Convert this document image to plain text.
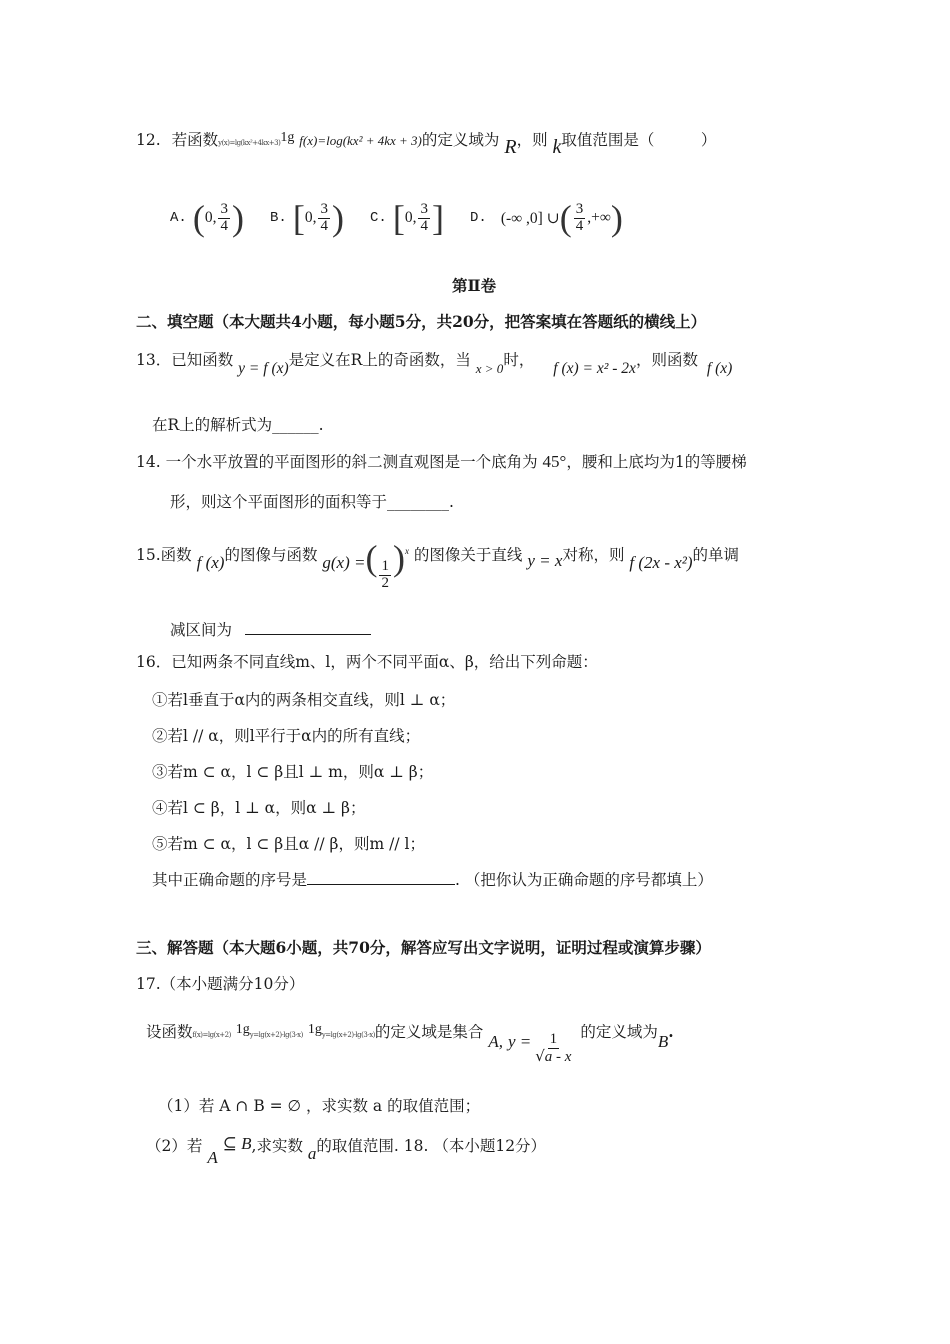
12. 若函数y(x)=lg(kx²+4kx+3)1g f(x)=log(kx² + 4kx + 3)的定义域为 R，则 k取值范围是（　　　）
A. ( 0, $\frac{3}{4}$ ) B. [ 0, $\frac{3}{4}$ ) C. [ 0, $\frac{3}{4}$ ] D. (-∞ ,0] ∪ ( $\frac{3}{4}$ ,+∞ )
第Ⅱ卷
二、填空题（本大题共4小题，每小题5分，共20分，把答案填在答题纸的横线上）
13．已知函数 y = f (x)是定义在R上的奇函数，当 $_{x > 0}$时， f (x) = x² - 2x，则函数 f (x)
在R上的解析式为______.
14. 一个水平放置的平面图形的斜二测直观图是一个底角为 45°，腰和上底均为1的等腰梯
形，则这个平面图形的面积等于________.
15.函数 f (x)的图像与函数 g(x) =( $\frac{1}{2} )^x$ 的图像关于直线 y = x对称，则 f (2x - x²)的单调
减区间为
16．已知两条不同直线m、l，两个不同平面α、β，给出下列命题：
①若l垂直于α内的两条相交直线，则l ⊥ α；
②若l // α，则l平行于α内的所有直线；
③若m ⊂ α，l ⊂ β且l ⊥ m，则α ⊥ β；
④若l ⊂ β，l ⊥ α，则α ⊥ β；
⑤若m ⊂ α，l ⊂ β且α // β，则m // l；
其中正确命题的序号是	. （把你认为正确命题的序号都填上）
三、解答题（本大题6小题，共70分，解答应写出文字说明，证明过程或演算步骤）
17.（本小题满分10分）
设函数f(x)=lg(x+2) 1gy=lg(x+2)-lg(3-x) 1gy=lg(x+2)-lg(3-x)的定义域是集合 A, $y = \frac{1}{√a - x}$ 的定义域为B·
（1）若 A ∩ B = ∅ ，求实数 a 的取值范围；
（2）若 A ⊆ B,求实数 a的取值范围. 18. （本小题12分）
